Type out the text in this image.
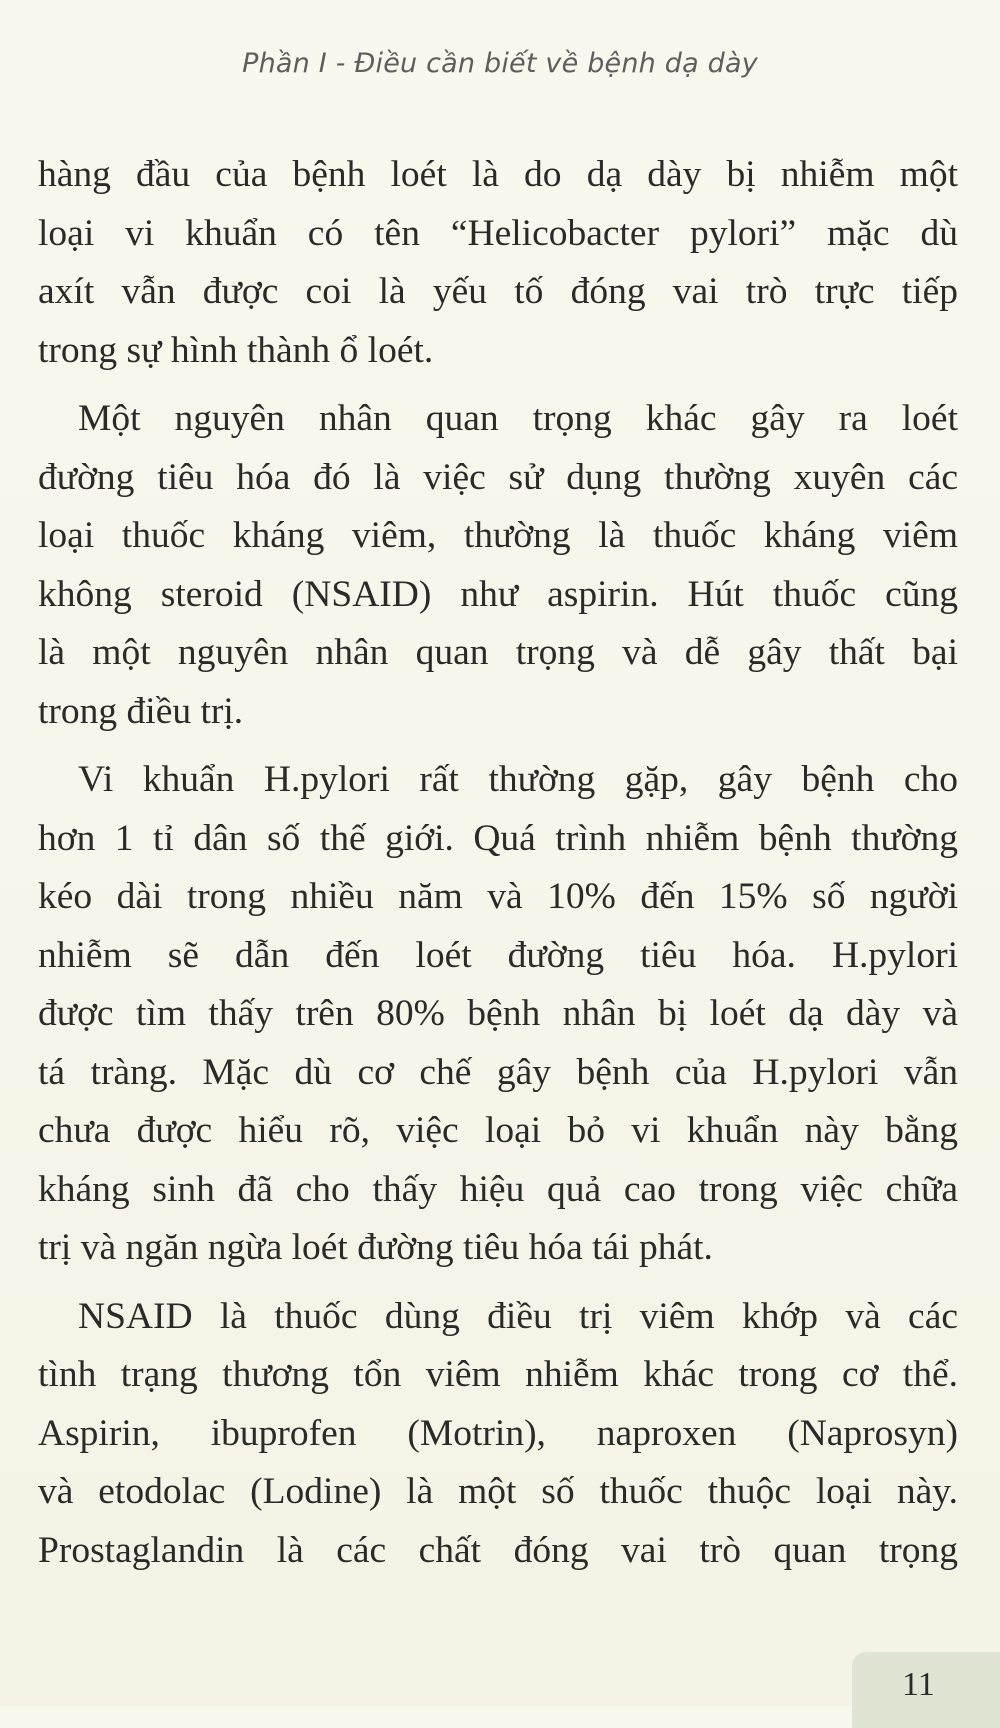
Phần I - Điều cần biết về bệnh dạ dày
hàng đầu của bệnh loét là do dạ dày bị nhiễm một
loại vi khuẩn có tên “Helicobacter pylori” mặc dù
axít vẫn được coi là yếu tố đóng vai trò trực tiếp
trong sự hình thành ổ loét.
Một nguyên nhân quan trọng khác gây ra loét
đường tiêu hóa đó là việc sử dụng thường xuyên các
loại thuốc kháng viêm, thường là thuốc kháng viêm
không steroid (NSAID) như aspirin. Hút thuốc cũng
là một nguyên nhân quan trọng và dễ gây thất bại
trong điều trị.
Vi khuẩn H.pylori rất thường gặp, gây bệnh cho
hơn 1 tỉ dân số thế giới. Quá trình nhiễm bệnh thường
kéo dài trong nhiều năm và 10% đến 15% số người
nhiễm sẽ dẫn đến loét đường tiêu hóa. H.pylori
được tìm thấy trên 80% bệnh nhân bị loét dạ dày và
tá tràng. Mặc dù cơ chế gây bệnh của H.pylori vẫn
chưa được hiểu rõ, việc loại bỏ vi khuẩn này bằng
kháng sinh đã cho thấy hiệu quả cao trong việc chữa
trị và ngăn ngừa loét đường tiêu hóa tái phát.
NSAID là thuốc dùng điều trị viêm khớp và các
tình trạng thương tổn viêm nhiễm khác trong cơ thể.
Aspirin, ibuprofen (Motrin), naproxen (Naprosyn)
và etodolac (Lodine) là một số thuốc thuộc loại này.
Prostaglandin là các chất đóng vai trò quan trọng
11
